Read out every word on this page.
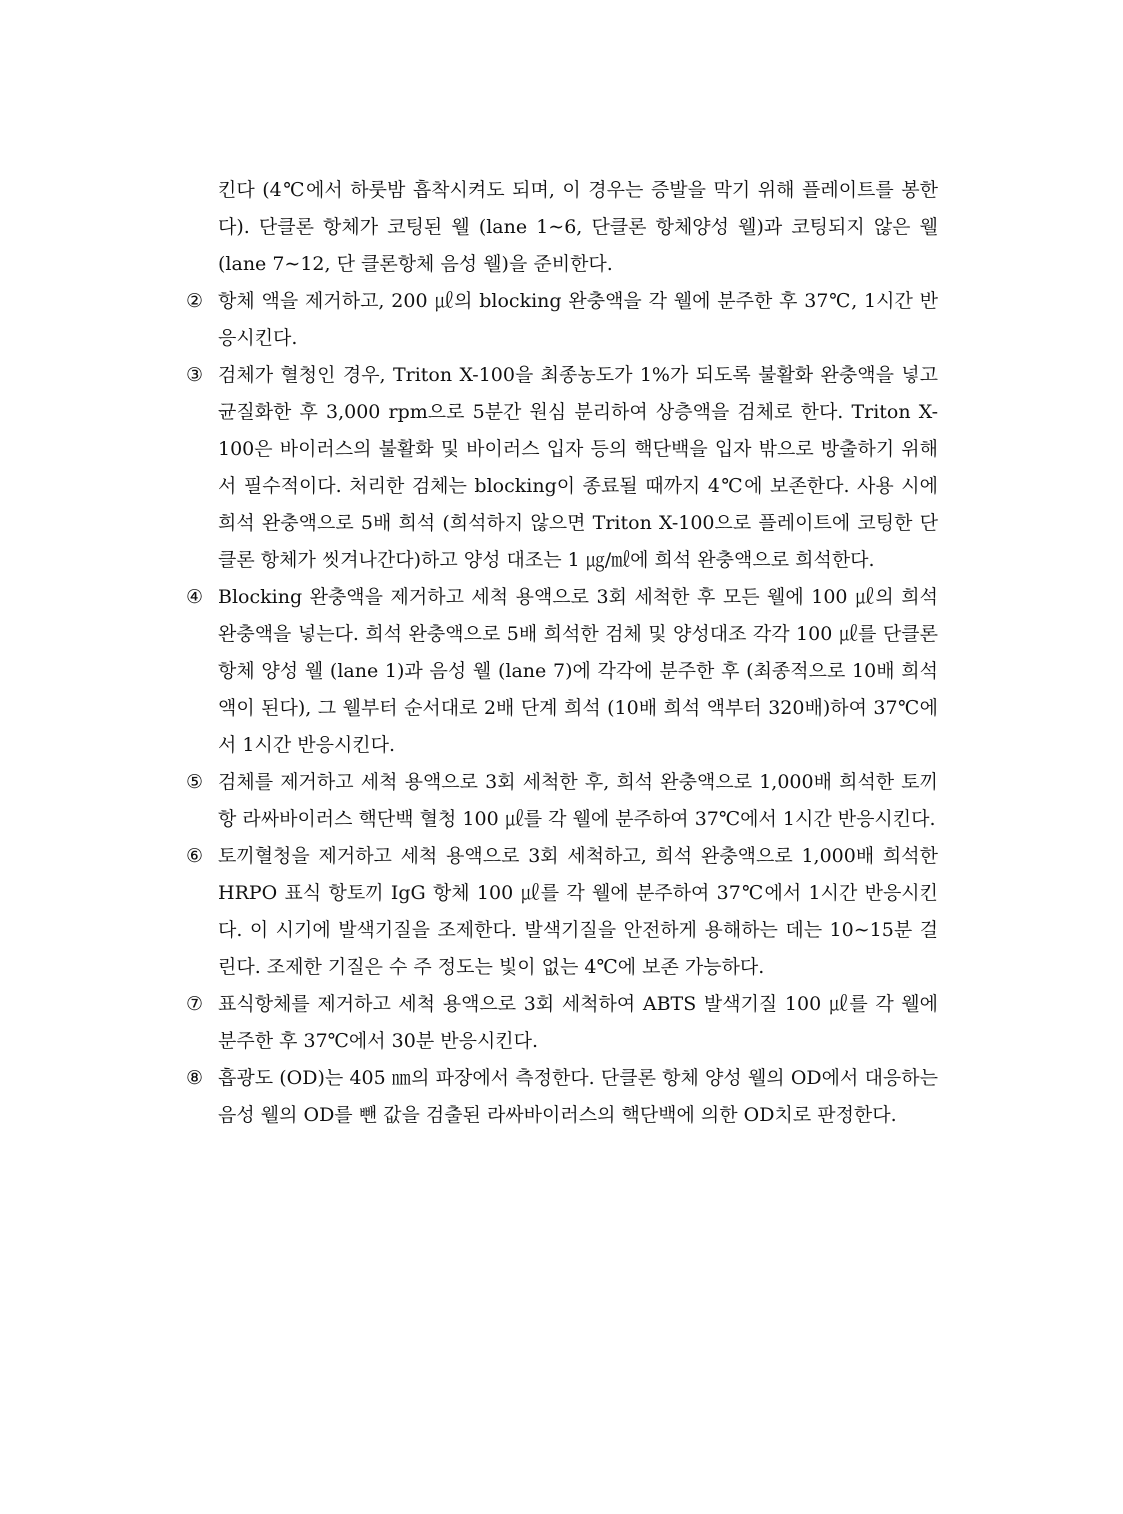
킨다 (4℃에서 하룻밤 흡착시켜도 되며, 이 경우는 증발을 막기 위해 플레이트를 봉한다). 단클론 항체가 코팅된 웰 (lane 1∼6, 단클론 항체양성 웰)과 코팅되지 않은 웰 (lane 7∼12, 단 클론항체 음성 웰)을 준비한다.

② 항체 액을 제거하고, 200 ㎕의 blocking 완충액을 각 웰에 분주한 후 37℃, 1시간 반응시킨다.

③ 검체가 혈청인 경우, Triton X-100을 최종농도가 1%가 되도록 불활화 완충액을 넣고 균질화한 후 3,000 rpm으로 5분간 원심 분리하여 상층액을 검체로 한다. Triton X-100은 바이러스의 불활화 및 바이러스 입자 등의 핵단백을 입자 밖으로 방출하기 위해서 필수적이다. 처리한 검체는 blocking이 종료될 때까지 4℃에 보존한다. 사용 시에 희석 완충액으로 5배 희석 (희석하지 않으면 Triton X-100으로 플레이트에 코팅한 단클론 항체가 씻겨나간다)하고 양성 대조는 1 ㎍/㎖에 희석 완충액으로 희석한다.

④ Blocking 완충액을 제거하고 세척 용액으로 3회 세척한 후 모든 웰에 100 ㎕의 희석 완충액을 넣는다. 희석 완충액으로 5배 희석한 검체 및 양성대조 각각 100 ㎕를 단클론 항체 양성 웰 (lane 1)과 음성 웰 (lane 7)에 각각에 분주한 후 (최종적으로 10배 희석액이 된다), 그 웰부터 순서대로 2배 단계 희석 (10배 희석 액부터 320배)하여 37℃에서 1시간 반응시킨다.

⑤ 검체를 제거하고 세척 용액으로 3회 세척한 후, 희석 완충액으로 1,000배 희석한 토끼 항 라싸바이러스 핵단백 혈청 100 ㎕를 각 웰에 분주하여 37℃에서 1시간 반응시킨다.

⑥ 토끼혈청을 제거하고 세척 용액으로 3회 세척하고, 희석 완충액으로 1,000배 희석한 HRPO 표식 항토끼 IgG 항체 100 ㎕를 각 웰에 분주하여 37℃에서 1시간 반응시킨다. 이 시기에 발색기질을 조제한다. 발색기질을 안전하게 용해하는 데는 10∼15분 걸린다. 조제한 기질은 수 주 정도는 빛이 없는 4℃에 보존 가능하다.

⑦ 표식항체를 제거하고 세척 용액으로 3회 세척하여 ABTS 발색기질 100 ㎕를 각 웰에 분주한 후 37℃에서 30분 반응시킨다.

⑧ 흡광도 (OD)는 405 ㎚의 파장에서 측정한다. 단클론 항체 양성 웰의 OD에서 대응하는 음성 웰의 OD를 뺀 값을 검출된 라싸바이러스의 핵단백에 의한 OD치로 판정한다.
